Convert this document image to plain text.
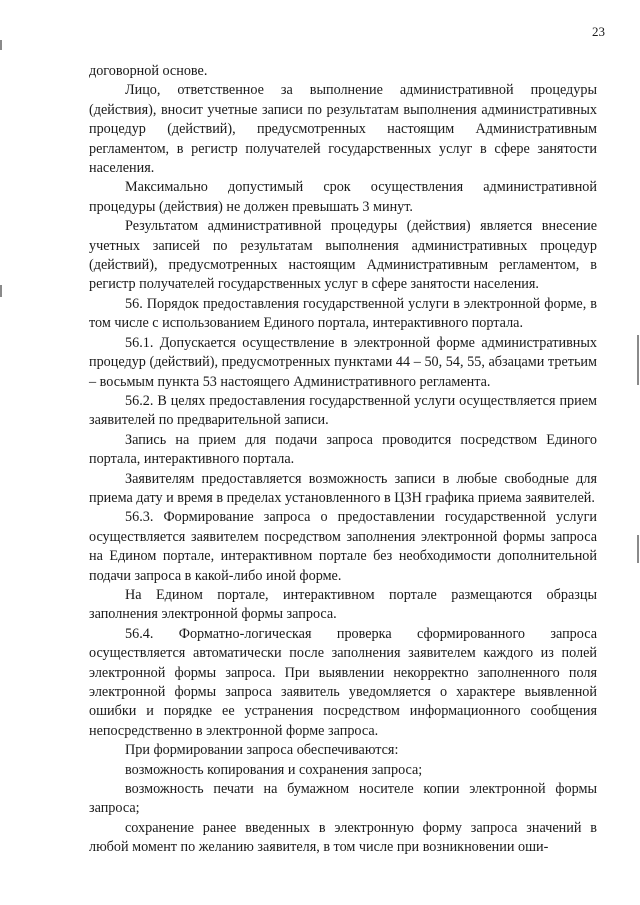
23

договорной основе.

Лицо, ответственное за выполнение административной процедуры (действия), вносит учетные записи по результатам выполнения административных процедур (действий), предусмотренных настоящим Административным регламентом, в регистр получателей государственных услуг в сфере занятости населения.

Максимально допустимый срок осуществления административной процедуры (действия) не должен превышать 3 минут.

Результатом административной процедуры (действия) является внесение учетных записей по результатам выполнения административных процедур (действий), предусмотренных настоящим Административным регламентом, в регистр получателей государственных услуг в сфере занятости населения.

56. Порядок предоставления государственной услуги в электронной форме, в том числе с использованием Единого портала, интерактивного портала.

56.1. Допускается осуществление в электронной форме административных процедур (действий), предусмотренных пунктами 44 – 50, 54, 55, абзацами третьим – восьмым пункта 53 настоящего Административного регламента.

56.2. В целях предоставления государственной услуги осуществляется прием заявителей по предварительной записи.

Запись на прием для подачи запроса проводится посредством Единого портала, интерактивного портала.

Заявителям предоставляется возможность записи в любые свободные для приема дату и время в пределах установленного в ЦЗН графика приема заявителей.

56.3. Формирование запроса о предоставлении государственной услуги осуществляется заявителем посредством заполнения электронной формы запроса на Едином портале, интерактивном портале без необходимости дополнительной подачи запроса в какой-либо иной форме.

На Едином портале, интерактивном портале размещаются образцы заполнения электронной формы запроса.

56.4. Форматно-логическая проверка сформированного запроса осуществляется автоматически после заполнения заявителем каждого из полей электронной формы запроса. При выявлении некорректно заполненного поля электронной формы запроса заявитель уведомляется о характере выявленной ошибки и порядке ее устранения посредством информационного сообщения непосредственно в электронной форме запроса.

При формировании запроса обеспечиваются:

возможность копирования и сохранения запроса;

возможность печати на бумажном носителе копии электронной формы запроса;

сохранение ранее введенных в электронную форму запроса значений в любой момент по желанию заявителя, в том числе при возникновении оши-
